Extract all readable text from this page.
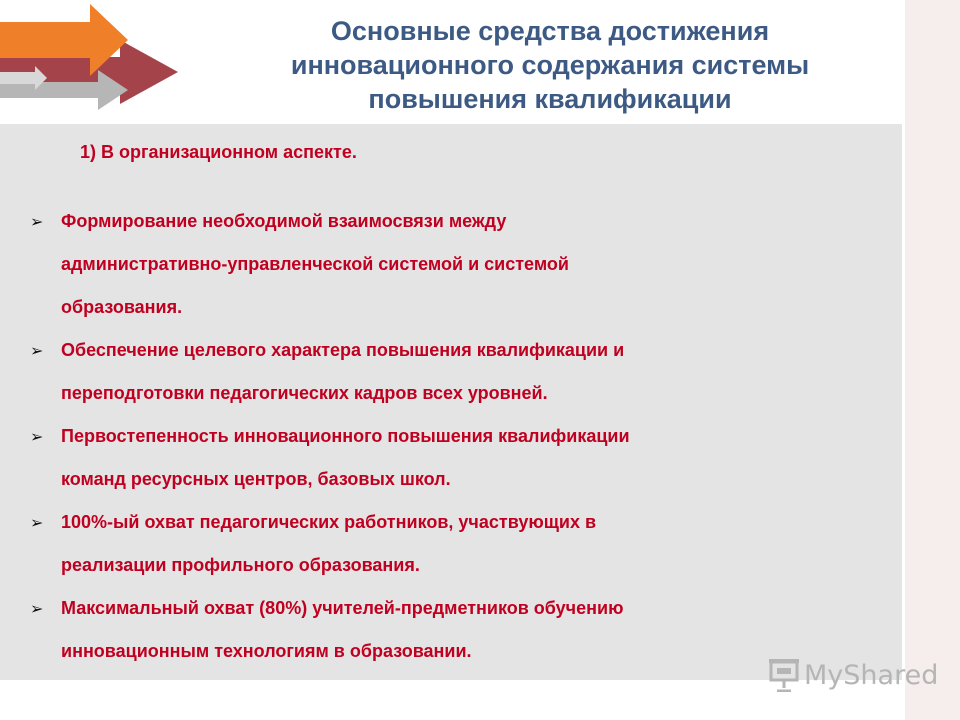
Основные средства достижения
инновационного содержания системы
повышения квалификации
1) В организационном аспекте.
➢ Формирование необходимой взаимосвязи между
административно-управленческой системой и системой
образования.
➢ Обеспечение целевого характера повышения квалификации и
переподготовки педагогических кадров всех уровней.
➢ Первостепенность инновационного повышения квалификации
команд ресурсных центров, базовых школ.
➢ 100%-ый охват педагогических работников, участвующих в
реализации профильного образования.
➢ Максимальный охват (80%) учителей-предметников обучению
инновационным технологиям в образовании.
MyShared
